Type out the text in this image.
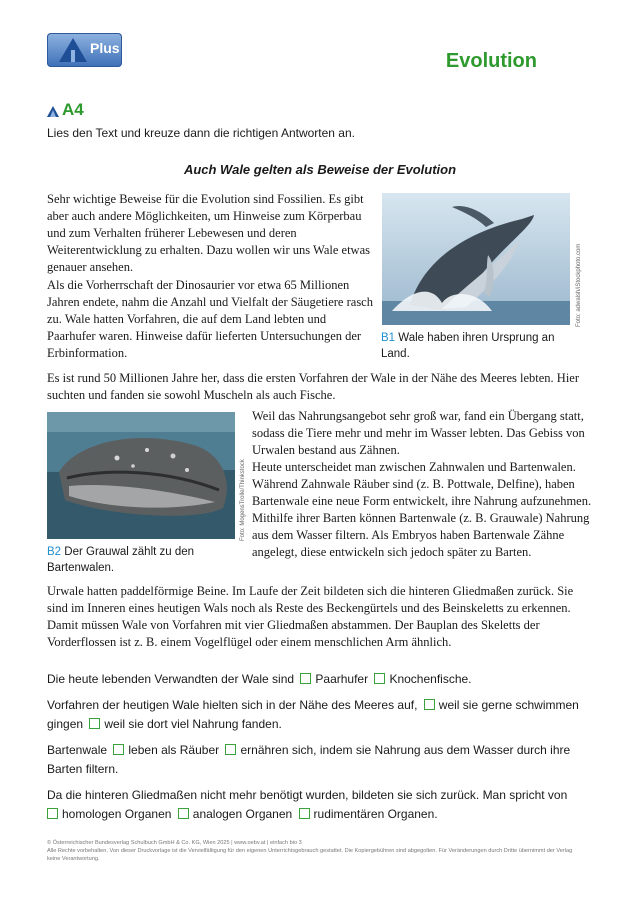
Plus
Evolution
A4
Lies den Text und kreuze dann die richtigen Antworten an.
Auch Wale gelten als Beweise der Evolution
Sehr wichtige Beweise für die Evolution sind Fossilien. Es gibt aber auch andere Möglichkeiten, um Hinweise zum Körperbau und zum Verhalten früherer Lebewesen und deren Weiterentwicklung zu erhalten. Dazu wollen wir uns Wale etwas genauer ansehen.
Als die Vorherrschaft der Dinosaurier vor etwa 65 Millionen Jahren endete, nahm die Anzahl und Vielfalt der Säugetiere rasch zu. Wale hatten Vorfahren, die auf dem Land lebten und Paarhufer waren. Hinweise dafür lieferten Untersuchungen der Erbinformation.
Foto: adwalsh/iStockphoto.com
B1 Wale haben ihren Ursprung an Land.
Es ist rund 50 Millionen Jahre her, dass die ersten Vorfahren der Wale in der Nähe des Meeres lebten. Hier suchten und fanden sie sowohl Muscheln als auch Fische.
Foto: MogensTrolle/Thinkstock
B2 Der Grauwal zählt zu den Bartenwalen.
Weil das Nahrungsangebot sehr groß war, fand ein Übergang statt, sodass die Tiere mehr und mehr im Wasser lebten. Das Gebiss von Urwalen bestand aus Zähnen.
Heute unterscheidet man zwischen Zahnwalen und Bartenwalen. Während Zahnwale Räuber sind (z. B. Pottwale, Delfine), haben Bartenwale eine neue Form entwickelt, ihre Nahrung aufzunehmen. Mithilfe ihrer Barten können Bartenwale (z. B. Grauwale) Nahrung aus dem Wasser filtern. Als Embryos haben Bartenwale Zähne angelegt, diese entwickeln sich jedoch später zu Barten.
Urwale hatten paddelförmige Beine. Im Laufe der Zeit bildeten sich die hinteren Gliedmaßen zurück. Sie sind im Inneren eines heutigen Wals noch als Reste des Beckengürtels und des Beinskeletts zu erkennen. Damit müssen Wale von Vorfahren mit vier Gliedmaßen abstammen. Der Bauplan des Skeletts der Vorderflossen ist z. B. einem Vogelflügel oder einem menschlichen Arm ähnlich.
Die heute lebenden Verwandten der Wale sind Paarhufer Knochenfische.
Vorfahren der heutigen Wale hielten sich in der Nähe des Meeres auf, weil sie gerne schwimmen gingen weil sie dort viel Nahrung fanden.
Bartenwale leben als Räuber ernähren sich, indem sie Nahrung aus dem Wasser durch ihre Barten filtern.
Da die hinteren Gliedmaßen nicht mehr benötigt wurden, bildeten sie sich zurück. Man spricht von
homologen Organen analogen Organen rudimentären Organen.
© Österreichischer Bundesverlag Schulbuch GmbH & Co. KG, Wien 2025 | www.oebv.at | einfach bio 3
Alle Rechte vorbehalten. Von dieser Druckvorlage ist die Vervielfältigung für den eigenen Unterrichtsgebrauch gestattet. Die Kopiergebühren sind abgegolten. Für Veränderungen durch Dritte übernimmt der Verlag keine Verantwortung.
